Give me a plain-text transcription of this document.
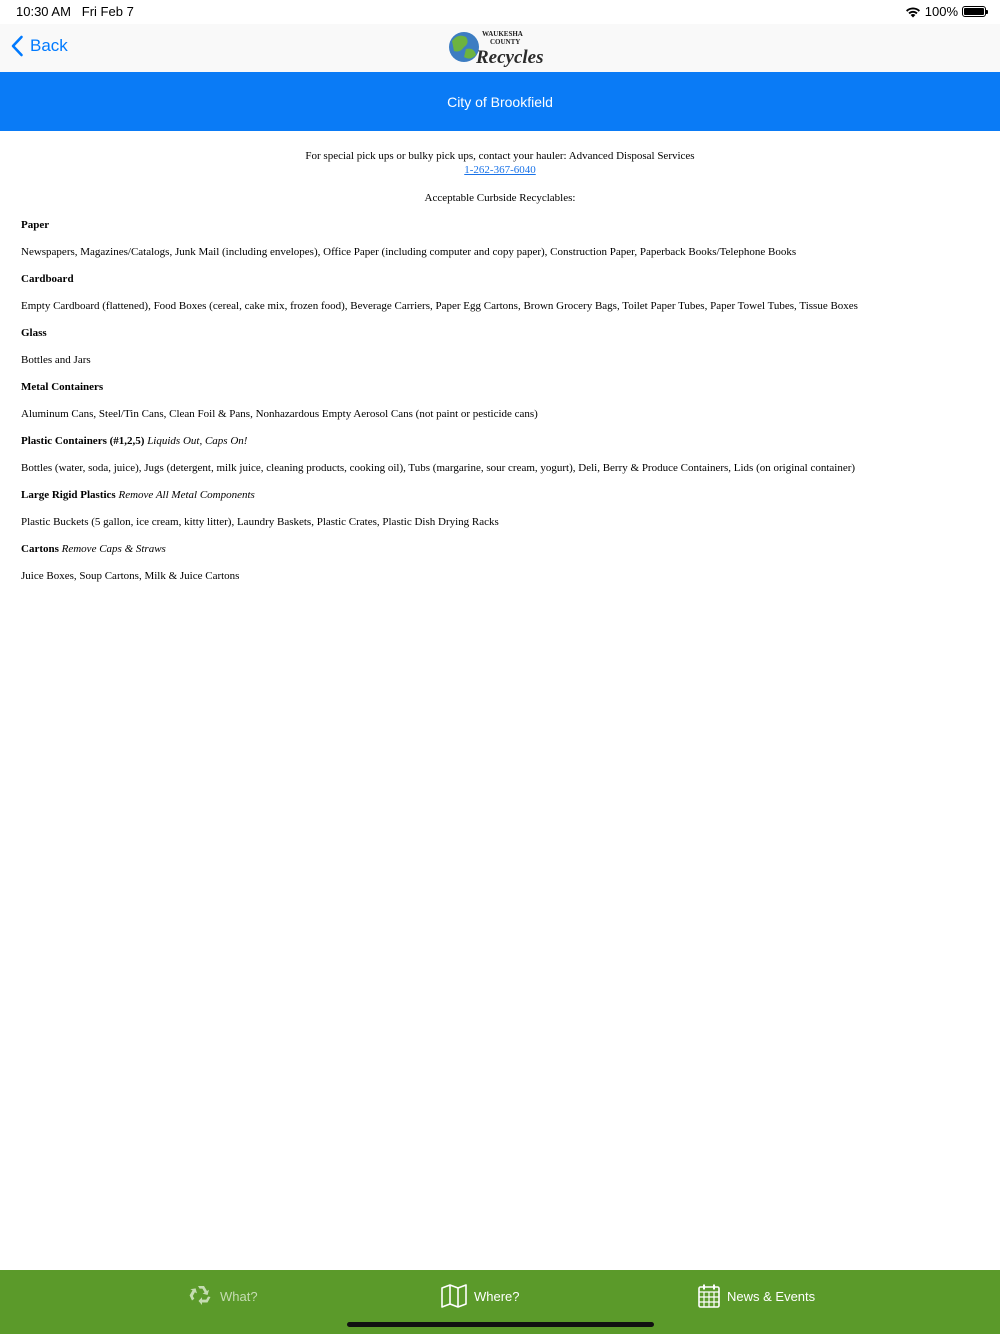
10:30 AM Fri Feb 7	100%
Back
WAUKESHA
COUNTY
Recycles
City of Brookfield
For special pick ups or bulky pick ups, contact your hauler: Advanced Disposal Services
1-262-367-6040
Acceptable Curbside Recyclables:
Paper
Newspapers, Magazines/Catalogs, Junk Mail (including envelopes), Office Paper (including computer and copy paper), Construction Paper, Paperback Books/Telephone Books
Cardboard
Empty Cardboard (flattened), Food Boxes (cereal, cake mix, frozen food), Beverage Carriers, Paper Egg Cartons, Brown Grocery Bags, Toilet Paper Tubes, Paper Towel Tubes, Tissue Boxes
Glass
Bottles and Jars
Metal Containers
Aluminum Cans, Steel/Tin Cans, Clean Foil & Pans, Nonhazardous Empty Aerosol Cans (not paint or pesticide cans)
Plastic Containers (#1,2,5) Liquids Out, Caps On!
Bottles (water, soda, juice), Jugs (detergent, milk juice, cleaning products, cooking oil), Tubs (margarine, sour cream, yogurt), Deli, Berry & Produce Containers, Lids (on original container)
Large Rigid Plastics Remove All Metal Components
Plastic Buckets (5 gallon, ice cream, kitty litter), Laundry Baskets, Plastic Crates, Plastic Dish Drying Racks
Cartons Remove Caps & Straws
Juice Boxes, Soup Cartons, Milk & Juice Cartons
What?	Where?	News & Events
